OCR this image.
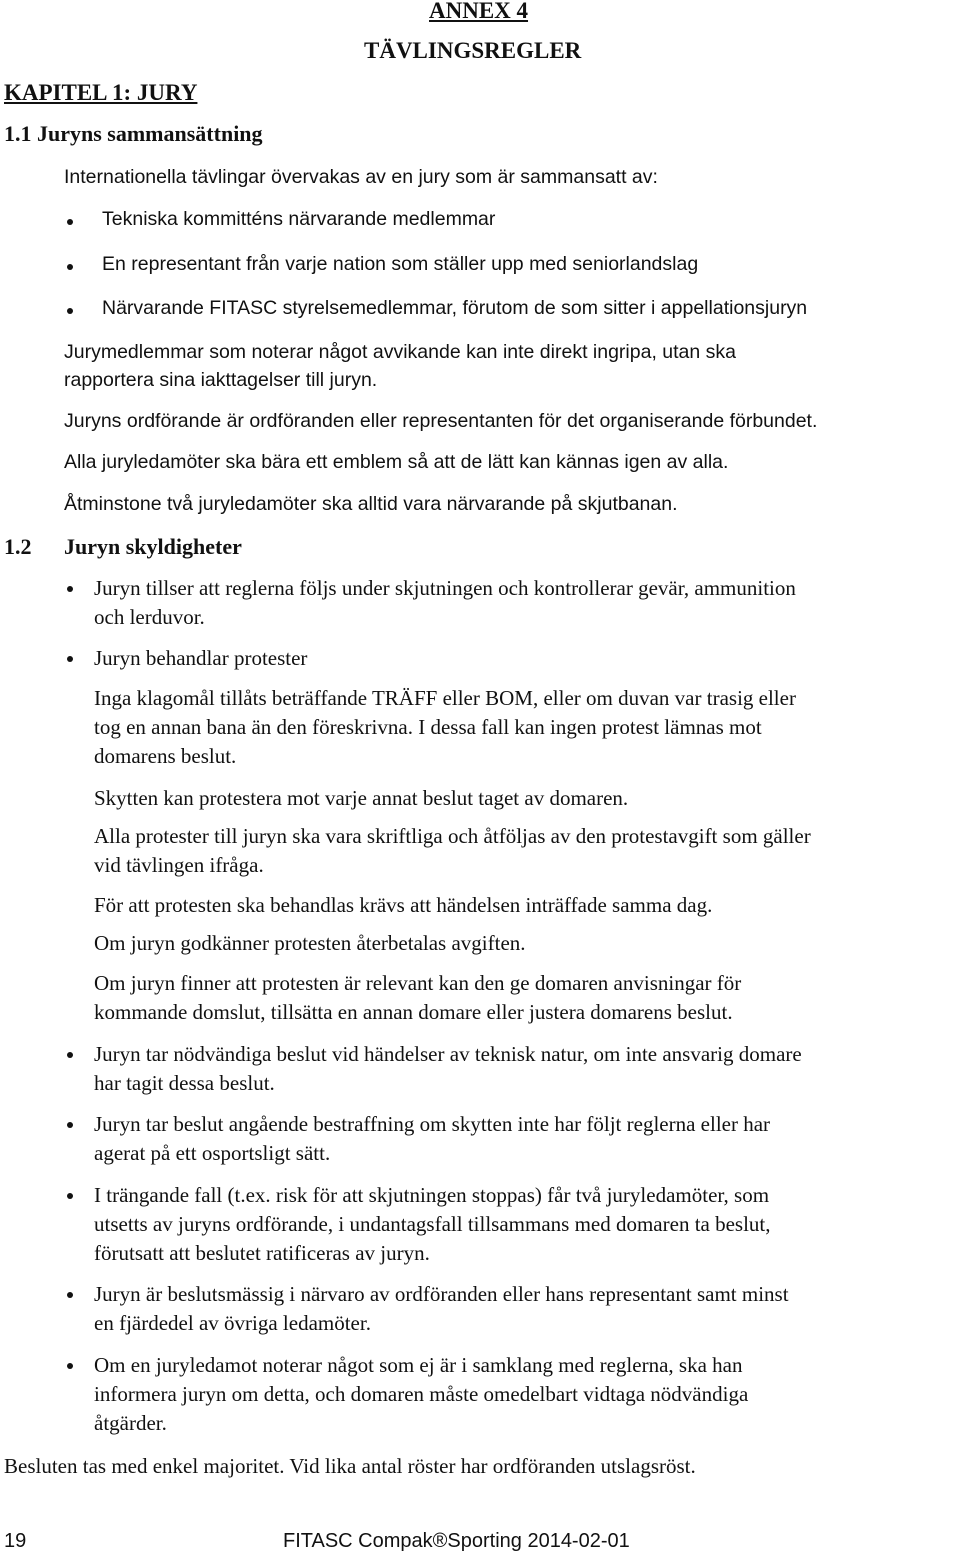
ANNEX 4
TÄVLINGSREGLER
KAPITEL 1: JURY
1.1 Juryns sammansättning
Internationella tävlingar övervakas av en jury som är sammansatt av:
Tekniska kommitténs närvarande medlemmar
En representant från varje nation som ställer upp med seniorlandslag
Närvarande FITASC styrelsemedlemmar, förutom de som sitter i appellationsjuryn
Jurymedlemmar som noterar något avvikande kan inte direkt ingripa, utan ska
rapportera sina iakttagelser till juryn.
Juryns ordförande är ordföranden eller representanten för det organiserande förbundet.
Alla juryledamöter ska bära ett emblem så att de lätt kan kännas igen av alla.
Åtminstone två juryledamöter ska alltid vara närvarande på skjutbanan.
1.2 Juryn skyldigheter
Juryn tillser att reglerna följs under skjutningen och kontrollerar gevär, ammunition
och lerduvor.
Juryn behandlar protester
Inga klagomål tillåts beträffande TRÄFF eller BOM, eller om duvan var trasig eller
tog en annan bana än den föreskrivna. I dessa fall kan ingen protest lämnas mot
domarens beslut.
Skytten kan protestera mot varje annat beslut taget av domaren.
Alla protester till juryn ska vara skriftliga och åtföljas av den protestavgift som gäller
vid tävlingen ifråga.
För att protesten ska behandlas krävs att händelsen inträffade samma dag.
Om juryn godkänner protesten återbetalas avgiften.
Om juryn finner att protesten är relevant kan den ge domaren anvisningar för
kommande domslut, tillsätta en annan domare eller justera domarens beslut.
Juryn tar nödvändiga beslut vid händelser av teknisk natur, om inte ansvarig domare
har tagit dessa beslut.
Juryn tar beslut angående bestraffning om skytten inte har följt reglerna eller har
agerat på ett osportsligt sätt.
I trängande fall (t.ex. risk för att skjutningen stoppas) får två juryledamöter, som
utsetts av juryns ordförande, i undantagsfall tillsammans med domaren ta beslut,
förutsatt att beslutet ratificeras av juryn.
Juryn är beslutsmässig i närvaro av ordföranden eller hans representant samt minst
en fjärdedel av övriga ledamöter.
Om en juryledamot noterar något som ej är i samklang med reglerna, ska han
informera juryn om detta, och domaren måste omedelbart vidtaga nödvändiga
åtgärder.
Besluten tas med enkel majoritet. Vid lika antal röster har ordföranden utslagsröst.
19	FITASC Compak®Sporting 2014-02-01
